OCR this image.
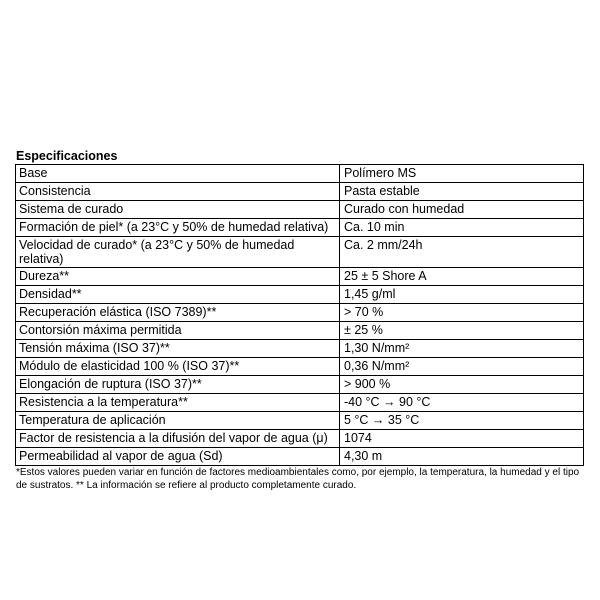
Especificaciones
Base	Polímero MS
Consistencia	Pasta estable
Sistema de curado	Curado con humedad
Formación de piel* (a 23°C y 50% de humedad relativa)	Ca. 10 min
Velocidad de curado* (a 23°C y 50% de humedad relativa)	Ca. 2 mm/24h
Dureza**	25 ± 5 Shore A
Densidad**	1,45 g/ml
Recuperación elástica (ISO 7389)**	> 70 %
Contorsión máxima permitida	± 25 %
Tensión máxima (ISO 37)**	1,30 N/mm²
Módulo de elasticidad 100 % (ISO 37)**	0,36 N/mm²
Elongación de ruptura (ISO 37)**	> 900 %
Resistencia a la temperatura**	-40 °C → 90 °C
Temperatura de aplicación	5 °C → 35 °C
Factor de resistencia a la difusión del vapor de agua (μ)	1074
Permeabilidad al vapor de agua (Sd)	4,30 m
*Estos valores pueden variar en función de factores medioambientales como, por ejemplo, la temperatura, la humedad y el tipo de sustratos. ** La información se refiere al producto completamente curado.
